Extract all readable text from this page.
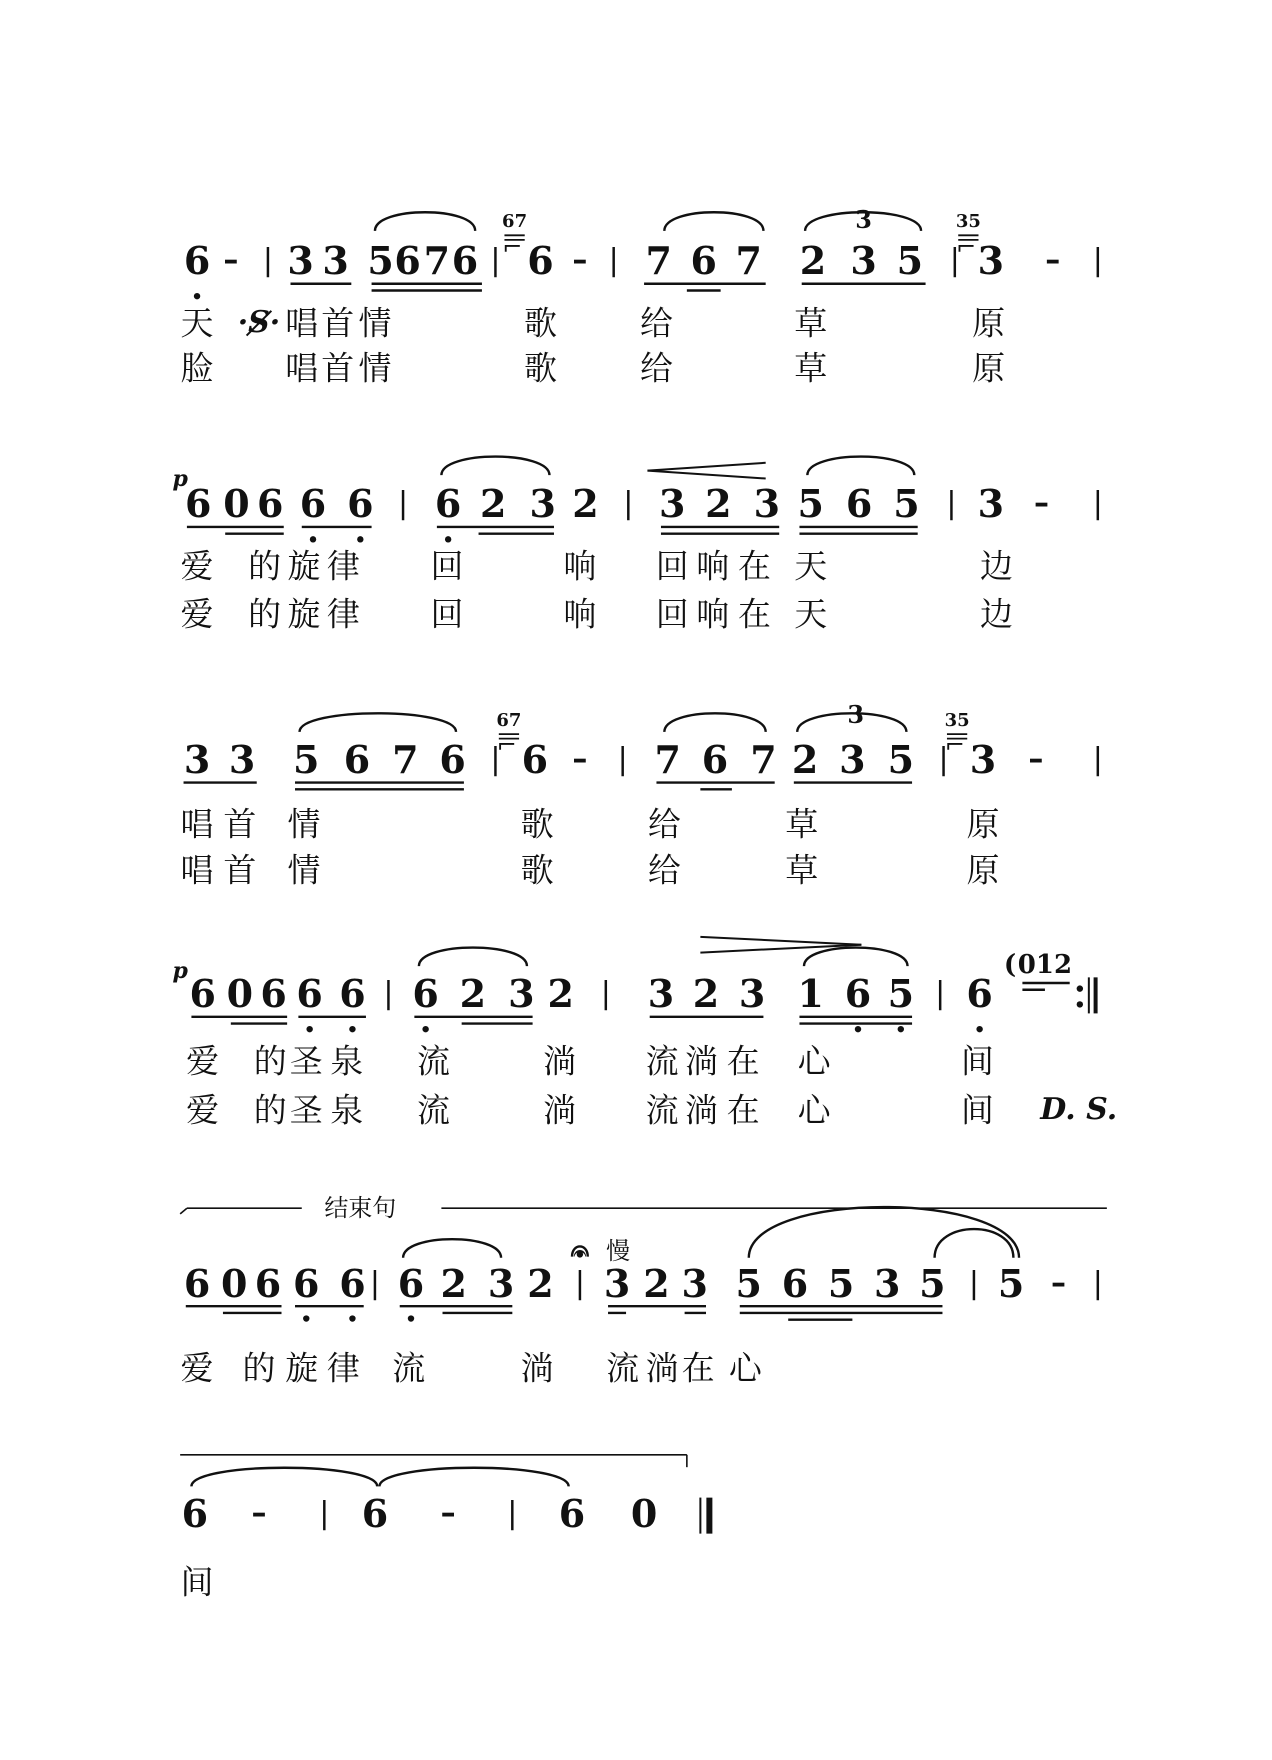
6 – | 3 3 5 6 7 6 | 6 – | 7 6 7 2 3 5 | 3 – |
天 唱 首 情	歌	给	草	原
脸 唱 首 情	歌	给	草	原
67
⌐
35
⌐
3
6 0 6 6 6 | 6 2 3 2 | 3 2 3 5 6 5 | 3 – |
爱 的 旋 律 回	响 回 响 在 天	边
爱 的 旋 律 回	响 回 响 在 天	边
p
3 3 5 6 7 6 | 6 – | 7 6 7 2 3 5 | 3 – |
唱 首 情	歌	给	草	原
唱 首 情	歌	给	草	原
67
⌐
35
⌐
3
6 0 6 6 6 | 6 2 3 2 | 3 2 3 1 6 5 | 6
爱 的 圣 泉 流	淌 流 淌 在 心	间
爱 的 圣 泉 流	淌 流 淌 在 心	间
p
6 0 6 6 6 | 6 2 3 2 | 3 2 3 5 6 5 3 5 | 5 – |
爱 的 旋 律 流	淌 流 淌 在 心
6 – | 6 – | 6 0
间
·S·
( 012
D. S.
结束句
𝄐 慢
